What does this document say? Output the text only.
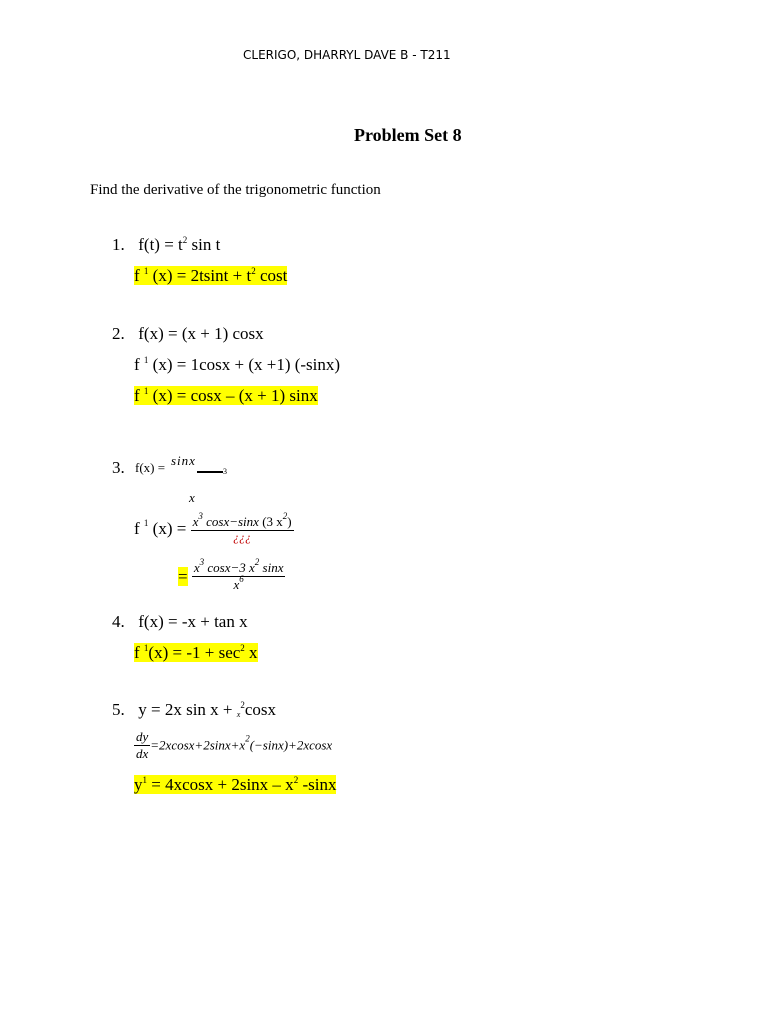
CLERIGO, DHARRYL DAVE B - T211
Problem Set 8
Find the derivative of the trigonometric function
1. $f(t) = t^2$ sin t
f $^1$ $(x) = 2tsint + t^2$ cost
2. f(x) = (x + 1) cosx
f $^1$ (x) = 1cosx + (x +1) (-sinx)
f $^1$ (x) = cosx – (x + 1) sinx
3. f(x) = sinx
3
x
f $^1$ $(x) = \frac{x^3 \cos x-\sin x (3 x^2)}{¿¿¿}$
= $\frac{x^3 \cos x-3 x^2 \sin x}{x^6}$
4. f(x) = -x + tan x
f $^1(x) = -1 + \sec^2 x$
5. y = 2x $\sin x + x^2\cos x$
$\frac{dy}{dx} =2xcosx+2\sin x+x^2(-\sin x)+2xcosx$
$y^1 = 4xcosx + 2\sin x - x^2$ -sinx
